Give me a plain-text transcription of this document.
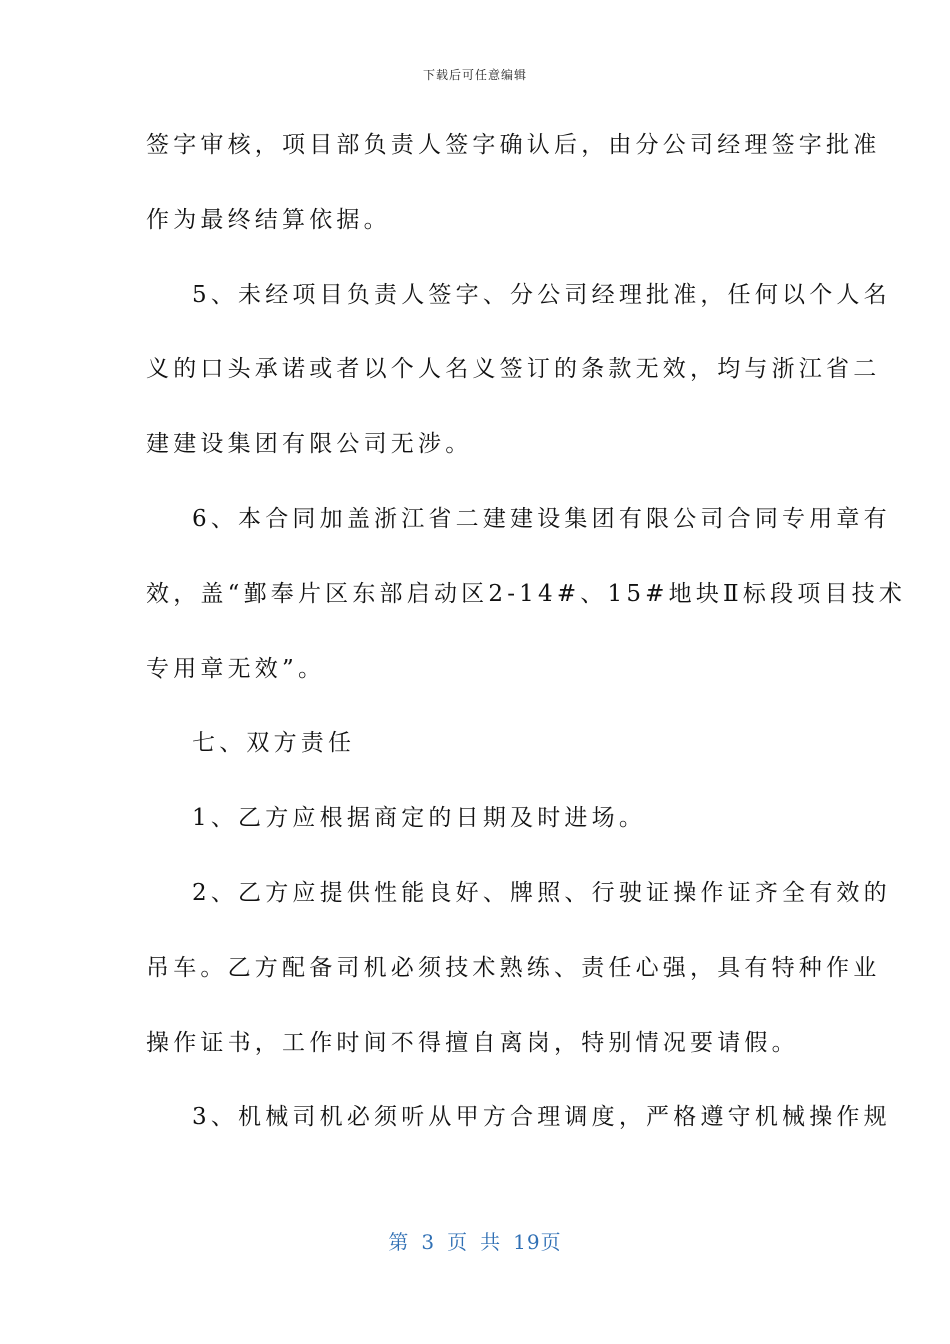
下载后可任意编辑
签字审核，项目部负责人签字确认后，由分公司经理签字批准
作为最终结算依据。
5、未经项目负责人签字、分公司经理批准，任何以个人名
义的口头承诺或者以个人名义签订的条款无效，均与浙江省二
建建设集团有限公司无涉。
6、本合同加盖浙江省二建建设集团有限公司合同专用章有
效，盖“鄞奉片区东部启动区2-14#、15#地块Ⅱ标段项目技术
专用章无效”。
七、双方责任
1、乙方应根据商定的日期及时进场。
2、乙方应提供性能良好、牌照、行驶证操作证齐全有效的
吊车。乙方配备司机必须技术熟练、责任心强，具有特种作业
操作证书，工作时间不得擅自离岗，特别情况要请假。
3、机械司机必须听从甲方合理调度，严格遵守机械操作规
第 3 页 共 19页
